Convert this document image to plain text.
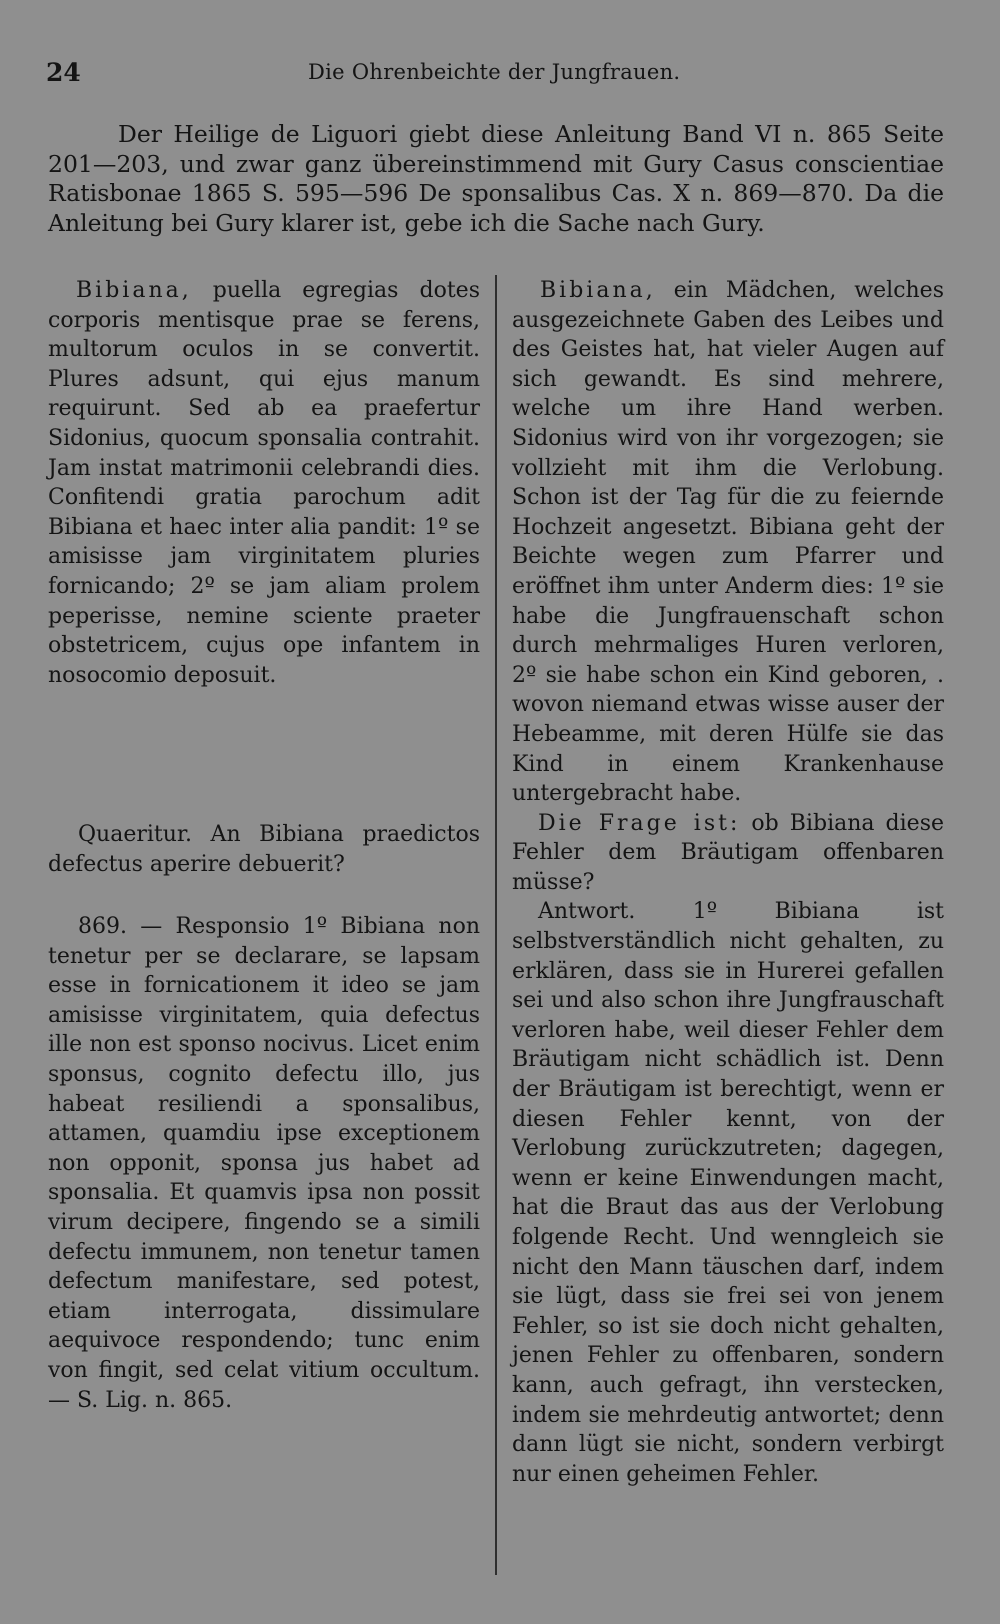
24	Die Ohrenbeichte der Jungfrauen.

Der Heilige de Liguori giebt diese Anleitung Band VI n. 865 Seite 201—203, und zwar ganz übereinstimmend mit Gury Casus conscientiae Ratisbonae 1865 S. 595—596 De sponsalibus Cas. X n. 869—870. Da die Anleitung bei Gury klarer ist, gebe ich die Sache nach Gury.

Bibiana, puella egregias dotes corporis mentisque prae se ferens, multorum oculos in se convertit. Plures adsunt, qui ejus manum requirunt. Sed ab ea praefertur Sidonius, quocum sponsalia contrahit. Jam instat matrimonii celebrandi dies. Confitendi gratia parochum adit Bibiana et haec inter alia pandit: 1º se amisisse jam virginitatem pluries fornicando; 2º se jam aliam prolem peperisse, nemine sciente praeter obstetricem, cujus ope infantem in nosocomio deposuit.

Quaeritur. An Bibiana praedictos defectus aperire debuerit?
869. — Responsio 1º Bibiana non tenetur per se declarare, se lapsam esse in fornicationem it ideo se jam amisisse virginitatem, quia defectus ille non est sponso nocivus. Licet enim sponsus, cognito defectu illo, jus habeat resiliendi a sponsalibus, attamen, quamdiu ipse exceptionem non opponit, sponsa jus habet ad sponsalia. Et quamvis ipsa non possit virum decipere, fingendo se a simili defectu immunem, non tenetur tamen defectum manifestare, sed potest, etiam interrogata, dissimulare aequivoce respondendo; tunc enim von fingit, sed celat vitium occultum. — S. Lig. n. 865.

Bibiana, ein Mädchen, welches ausgezeichnete Gaben des Leibes und des Geistes hat, hat vieler Augen auf sich gewandt. Es sind mehrere, welche um ihre Hand werben. Sidonius wird von ihr vorgezogen; sie vollzieht mit ihm die Verlobung. Schon ist der Tag für die zu feiernde Hochzeit angesetzt. Bibiana geht der Beichte wegen zum Pfarrer und eröffnet ihm unter Anderm dies: 1º sie habe die Jungfrauenschaft schon durch mehrmaliges Huren verloren, 2º sie habe schon ein Kind geboren, . wovon niemand etwas wisse auser der Hebeamme, mit deren Hülfe sie das Kind in einem Krankenhause untergebracht habe.

Die Frage ist: ob Bibiana diese Fehler dem Bräutigam offenbaren müsse?

Antwort. 1º Bibiana ist selbstverständlich nicht gehalten, zu erklären, dass sie in Hurerei gefallen sei und also schon ihre Jungfrauschaft verloren habe, weil dieser Fehler dem Bräutigam nicht schädlich ist. Denn der Bräutigam ist berechtigt, wenn er diesen Fehler kennt, von der Verlobung zurückzutreten; dagegen, wenn er keine Einwendungen macht, hat die Braut das aus der Verlobung folgende Recht. Und wenngleich sie nicht den Mann täuschen darf, indem sie lügt, dass sie frei sei von jenem Fehler, so ist sie doch nicht gehalten, jenen Fehler zu offenbaren, sondern kann, auch gefragt, ihn verstecken, indem sie mehrdeutig antwortet; denn dann lügt sie nicht, sondern verbirgt nur einen geheimen Fehler.
